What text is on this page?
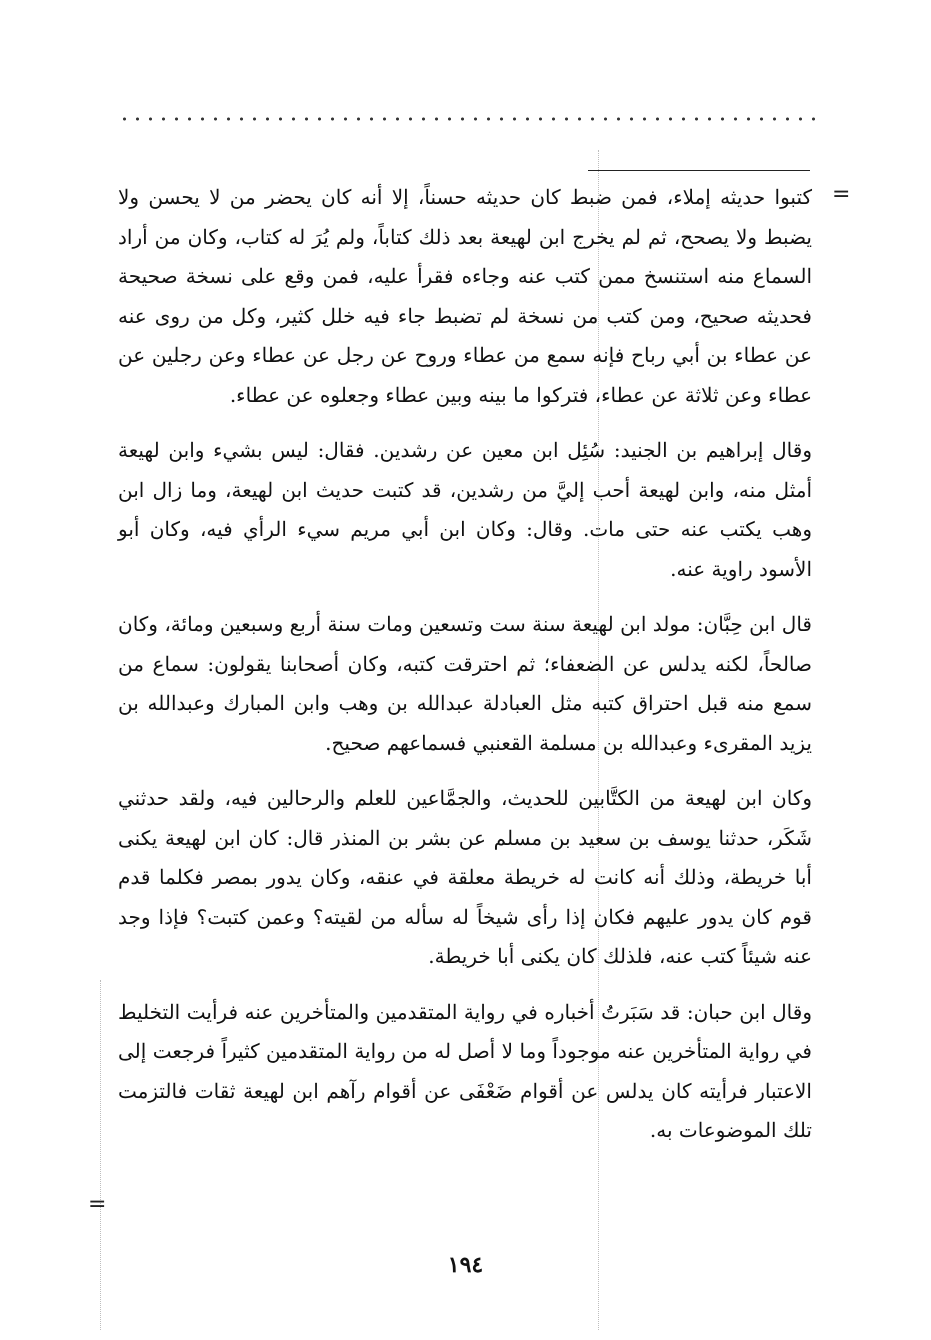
=
=

كتبوا حديثه إملاء، فمن ضبط كان حديثه حسناً، إلا أنه كان يحضر من لا يحسن ولا يضبط ولا يصحح، ثم لم يخرج ابن لهيعة بعد ذلك كتاباً، ولم يُرَ له كتاب، وكان من أراد السماع منه استنسخ ممن كتب عنه وجاءه فقرأ عليه، فمن وقع على نسخة صحيحة فحديثه صحيح، ومن كتب من نسخة لم تضبط جاء فيه خلل كثير، وكل من روى عنه عن عطاء بن أبي رباح فإنه سمع من عطاء وروح عن رجل عن عطاء وعن رجلين عن عطاء وعن ثلاثة عن عطاء، فتركوا ما بينه وبين عطاء وجعلوه عن عطاء.

وقال إبراهيم بن الجنيد: سُئِل ابن معين عن رشدين. فقال: ليس بشيء وابن لهيعة أمثل منه، وابن لهيعة أحب إليَّ من رشدين، قد كتبت حديث ابن لهيعة، وما زال ابن وهب يكتب عنه حتى مات. وقال: وكان ابن أبي مريم سيء الرأي فيه، وكان أبو الأسود راوية عنه.

قال ابن حِبَّان: مولد ابن لهيعة سنة ست وتسعين ومات سنة أربع وسبعين ومائة، وكان صالحاً، لكنه يدلس عن الضعفاء؛ ثم احترقت كتبه، وكان أصحابنا يقولون: سماع من سمع منه قبل احتراق كتبه مثل العبادلة عبدالله بن وهب وابن المبارك وعبدالله بن يزيد المقرىء وعبدالله بن مسلمة القعنبي فسماعهم صحيح.

وكان ابن لهيعة من الكتَّابين للحديث، والجمَّاعين للعلم والرحالين فيه، ولقد حدثني شَكَر، حدثنا يوسف بن سعيد بن مسلم عن بشر بن المنذر قال: كان ابن لهيعة يكنى أبا خريطة، وذلك أنه كانت له خريطة معلقة في عنقه، وكان يدور بمصر فكلما قدم قوم كان يدور عليهم فكان إذا رأى شيخاً له سأله من لقيته؟ وعمن كتبت؟ فإذا وجد عنه شيئاً كتب عنه، فلذلك كان يكنى أبا خريطة.

وقال ابن حبان: قد سَبَرتُ أخباره في رواية المتقدمين والمتأخرين عنه فرأيت التخليط في رواية المتأخرين عنه موجوداً وما لا أصل له من رواية المتقدمين كثيراً فرجعت إلى الاعتبار فرأيته كان يدلس عن أقوام ضَعْفَى عن أقوام رآهم ابن لهيعة ثقات فالتزمت تلك الموضوعات به.

١٩٤
